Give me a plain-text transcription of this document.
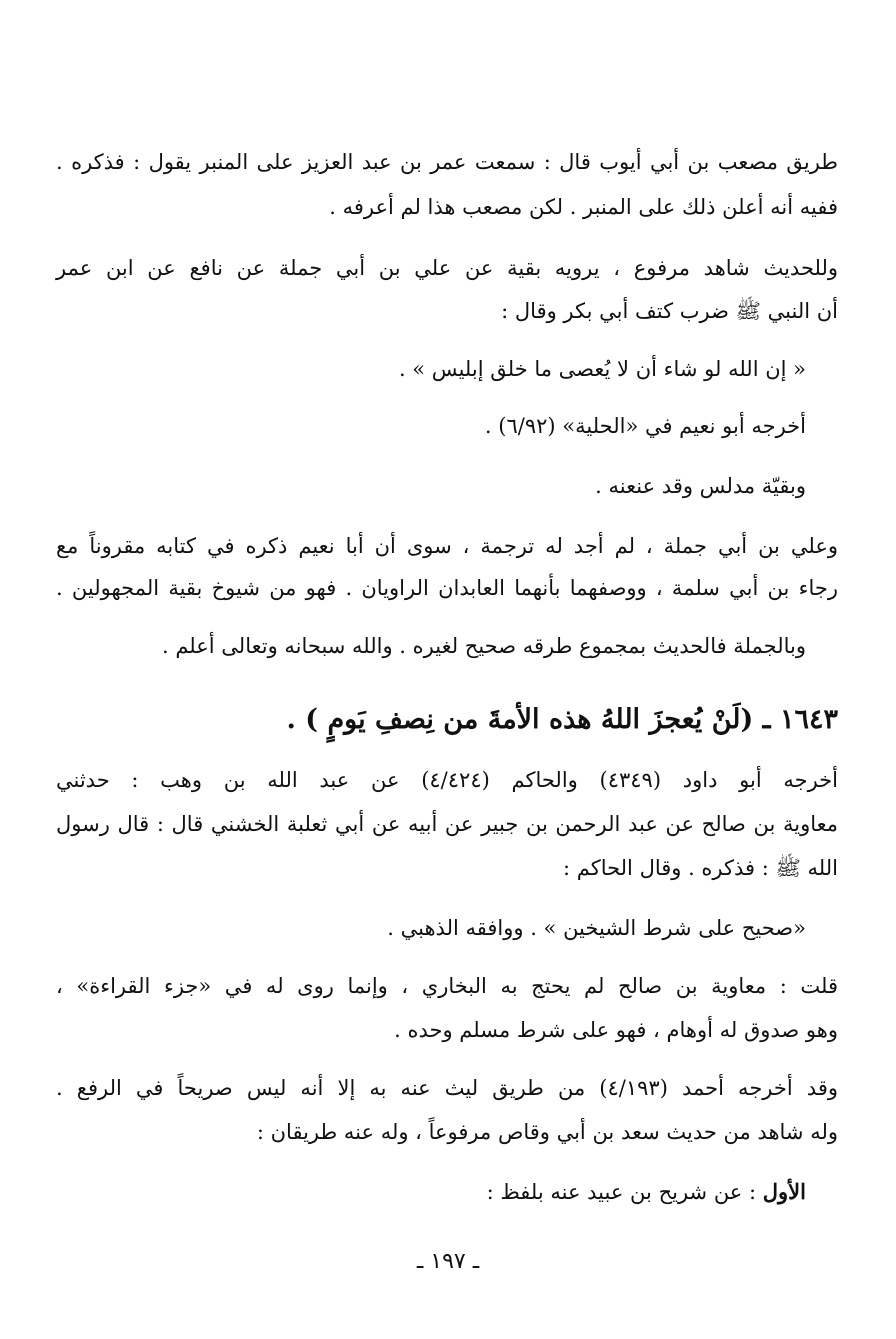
طريق مصعب بن أبي أيوب قال : سمعت عمر بن عبد العزيز على المنبر يقول : فذكره .
ففيه أنه أعلن ذلك على المنبر . لكن مصعب هذا لم أعرفه .
وللحديث شاهد مرفوع ، يرويه بقية عن علي بن أبي جملة عن نافع عن ابن عمر
أن النبي ﷺ ضرب كتف أبي بكر وقال :
« إن الله لو شاء أن لا يُعصى ما خلق إبليس » .
أخرجه أبو نعيم في «الحلية» (٦/٩٢) .
وبقيّة مدلس وقد عنعنه .
وعلي بن أبي جملة ، لم أجد له ترجمة ، سوى أن أبا نعيم ذكره في كتابه مقروناً مع
رجاء بن أبي سلمة ، ووصفهما بأنهما العابدان الراويان . فهو من شيوخ بقية المجهولين .
وبالجملة فالحديث بمجموع طرقه صحيح لغيره . والله سبحانه وتعالى أعلم .
١٦٤٣ ـ (لَنْ يُعجزَ اللهُ هذه الأمةَ من نِصفِ يَومٍ ) .
أخرجه أبو داود (٤٣٤٩) والحاكم (٤/٤٢٤) عن عبد الله بن وهب : حدثني
معاوية بن صالح عن عبد الرحمن بن جبير عن أبيه عن أبي ثعلبة الخشني قال : قال رسول
الله ﷺ : فذكره . وقال الحاكم :
«صحيح على شرط الشيخين » . ووافقه الذهبي .
قلت : معاوية بن صالح لم يحتج به البخاري ، وإنما روى له في «جزء القراءة» ،
وهو صدوق له أوهام ، فهو على شرط مسلم وحده .
وقد أخرجه أحمد (٤/١٩٣) من طريق ليث عنه به إلا أنه ليس صريحاً في الرفع .
وله شاهد من حديث سعد بن أبي وقاص مرفوعاً ، وله عنه طريقان :
الأول : عن شريح بن عبيد عنه بلفظ :
ـ ١٩٧ ـ
